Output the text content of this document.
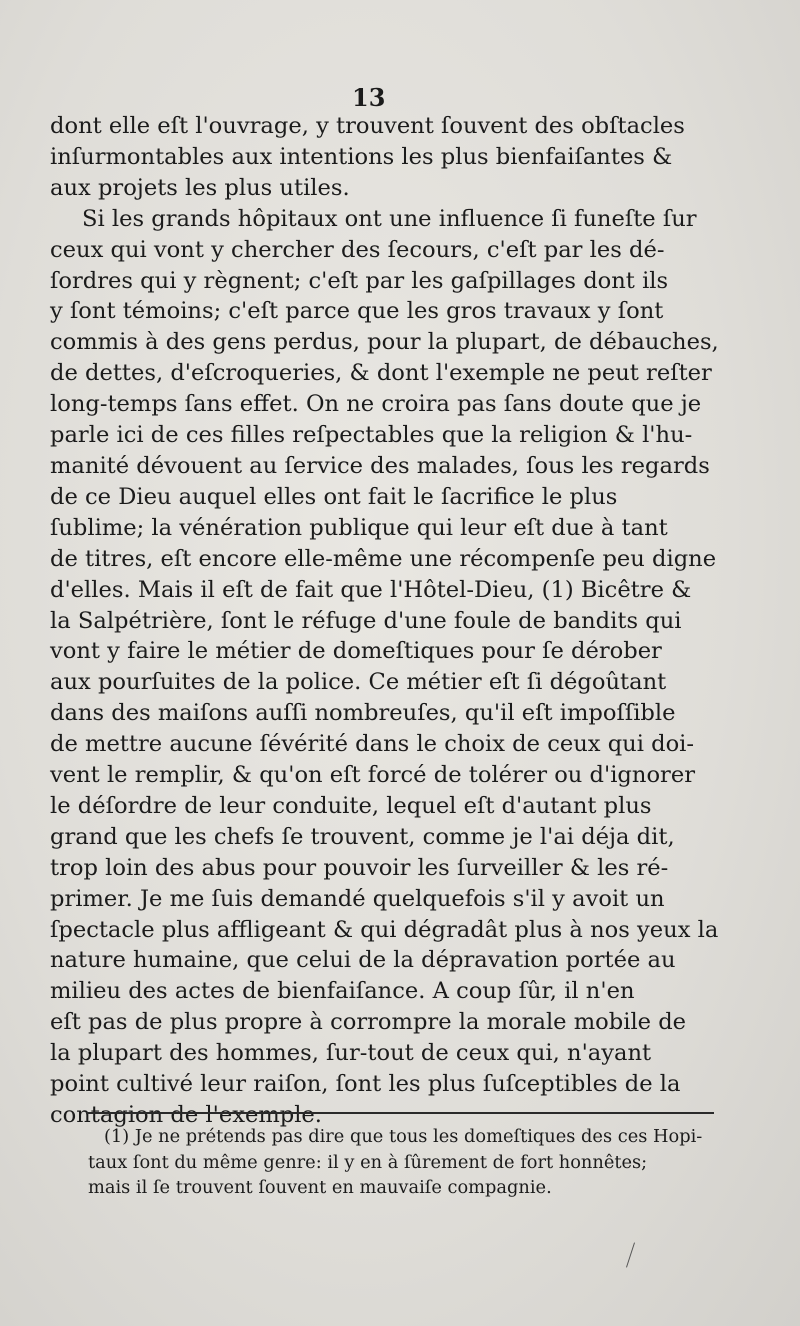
13
dont elle eſt l'ouvrage, y trouvent ſouvent des obſtacles
inſurmontables aux intentions les plus bienfaiſantes &
aux projets les plus utiles.
Si les grands hôpitaux ont une influence ſi funeſte ſur
ceux qui vont y chercher des ſecours, c'eſt par les dé-
ſordres qui y règnent; c'eſt par les gaſpillages dont ils
y ſont témoins; c'eſt parce que les gros travaux y ſont
commis à des gens perdus, pour la plupart, de débauches,
de dettes, d'eſcroqueries, & dont l'exemple ne peut reſter
long-temps ſans effet. On ne croira pas ſans doute que je
parle ici de ces filles reſpectables que la religion & l'hu-
manité dévouent au ſervice des malades, ſous les regards
de ce Dieu auquel elles ont fait le ſacrifice le plus
ſublime; la vénération publique qui leur eſt due à tant
de titres, eſt encore elle-même une récompenſe peu digne
d'elles. Mais il eſt de fait que l'Hôtel-Dieu, (1) Bicêtre &
la Salpétrière, ſont le réfuge d'une foule de bandits qui
vont y faire le métier de domeſtiques pour ſe dérober
aux pourſuites de la police. Ce métier eſt ſi dégoûtant
dans des maiſons auſſi nombreuſes, qu'il eſt impoſſible
de mettre aucune ſévérité dans le choix de ceux qui doi-
vent le remplir, & qu'on eſt forcé de tolérer ou d'ignorer
le déſordre de leur conduite, lequel eſt d'autant plus
grand que les chefs ſe trouvent, comme je l'ai déja dit,
trop loin des abus pour pouvoir les ſurveiller & les ré-
primer. Je me ſuis demandé quelquefois s'il y avoit un
ſpectacle plus affligeant & qui dégradât plus à nos yeux la
nature humaine, que celui de la dépravation portée au
milieu des actes de bienfaiſance. A coup ſûr, il n'en
eſt pas de plus propre à corrompre la morale mobile de
la plupart des hommes, ſur-tout de ceux qui, n'ayant
point cultivé leur raiſon, ſont les plus ſuſceptibles de la
contagion de l'exemple.
(1) Je ne prétends pas dire que tous les domeſtiques des ces Hopi-
taux ſont du même genre: il y en à ſûrement de fort honnêtes;
mais il ſe trouvent ſouvent en mauvaiſe compagnie.
